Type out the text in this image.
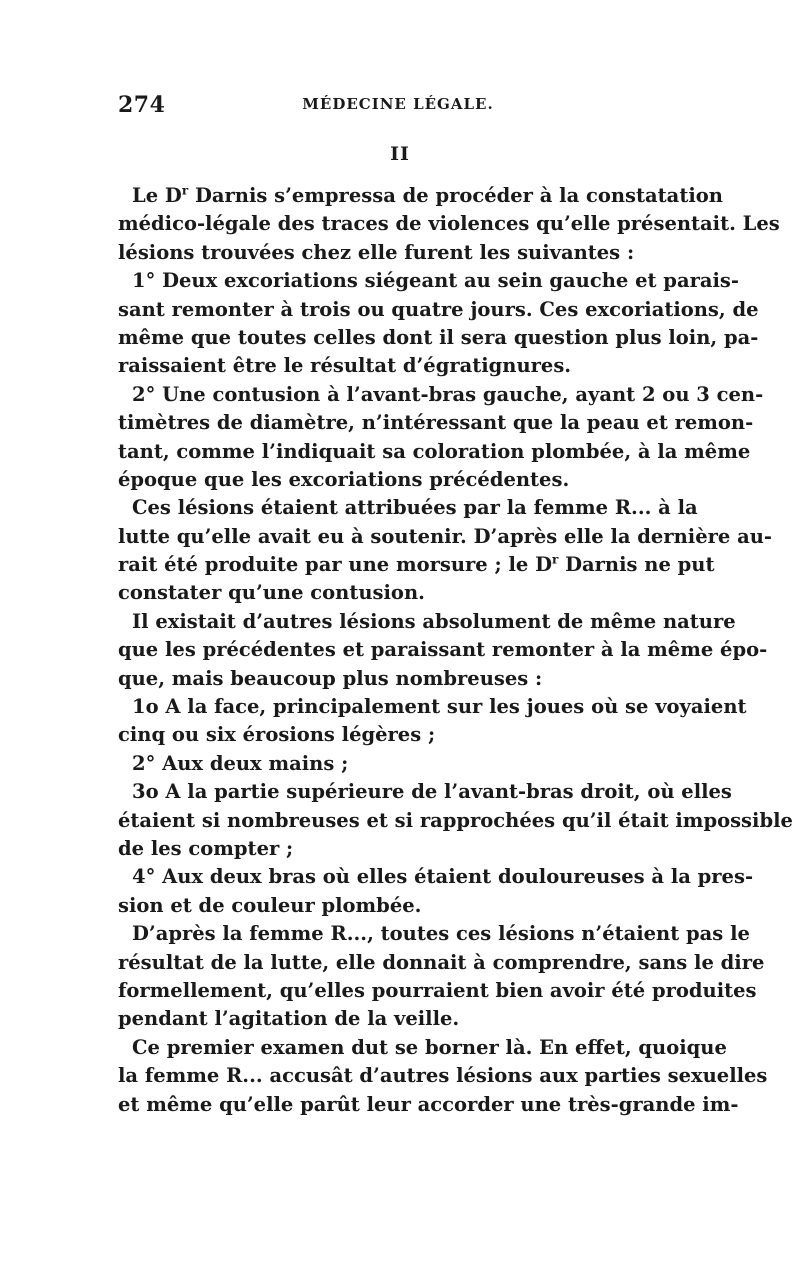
274	MÉDECINE LÉGALE.
II
Le $D^r$ Darnis s’empressa de procéder à la constatation
médico-légale des traces de violences qu’elle présentait. Les
lésions trouvées chez elle furent les suivantes :
1° Deux excoriations siégeant au sein gauche et parais-
sant remonter à trois ou quatre jours. Ces excoriations, de
même que toutes celles dont il sera question plus loin, pa-
raissaient être le résultat d’égratignures.
2° Une contusion à l’avant-bras gauche, ayant 2 ou 3 cen-
timètres de diamètre, n’intéressant que la peau et remon-
tant, comme l’indiquait sa coloration plombée, à la même
époque que les excoriations précédentes.
Ces lésions étaient attribuées par la femme R... à la
lutte qu’elle avait eu à soutenir. D’après elle la dernière au-
rait été produite par une morsure ; le $D^r$ Darnis ne put
constater qu’une contusion.
Il existait d’autres lésions absolument de même nature
que les précédentes et paraissant remonter à la même épo-
que, mais beaucoup plus nombreuses :
1o A la face, principalement sur les joues où se voyaient
cinq ou six érosions légères ;
2° Aux deux mains ;
3o A la partie supérieure de l’avant-bras droit, où elles
étaient si nombreuses et si rapprochées qu’il était impossible
de les compter ;
4° Aux deux bras où elles étaient douloureuses à la pres-
sion et de couleur plombée.
D’après la femme R..., toutes ces lésions n’étaient pas le
résultat de la lutte, elle donnait à comprendre, sans le dire
formellement, qu’elles pourraient bien avoir été produites
pendant l’agitation de la veille.
Ce premier examen dut se borner là. En effet, quoique
la femme R... accusât d’autres lésions aux parties sexuelles
et même qu’elle parût leur accorder une très-grande im-
